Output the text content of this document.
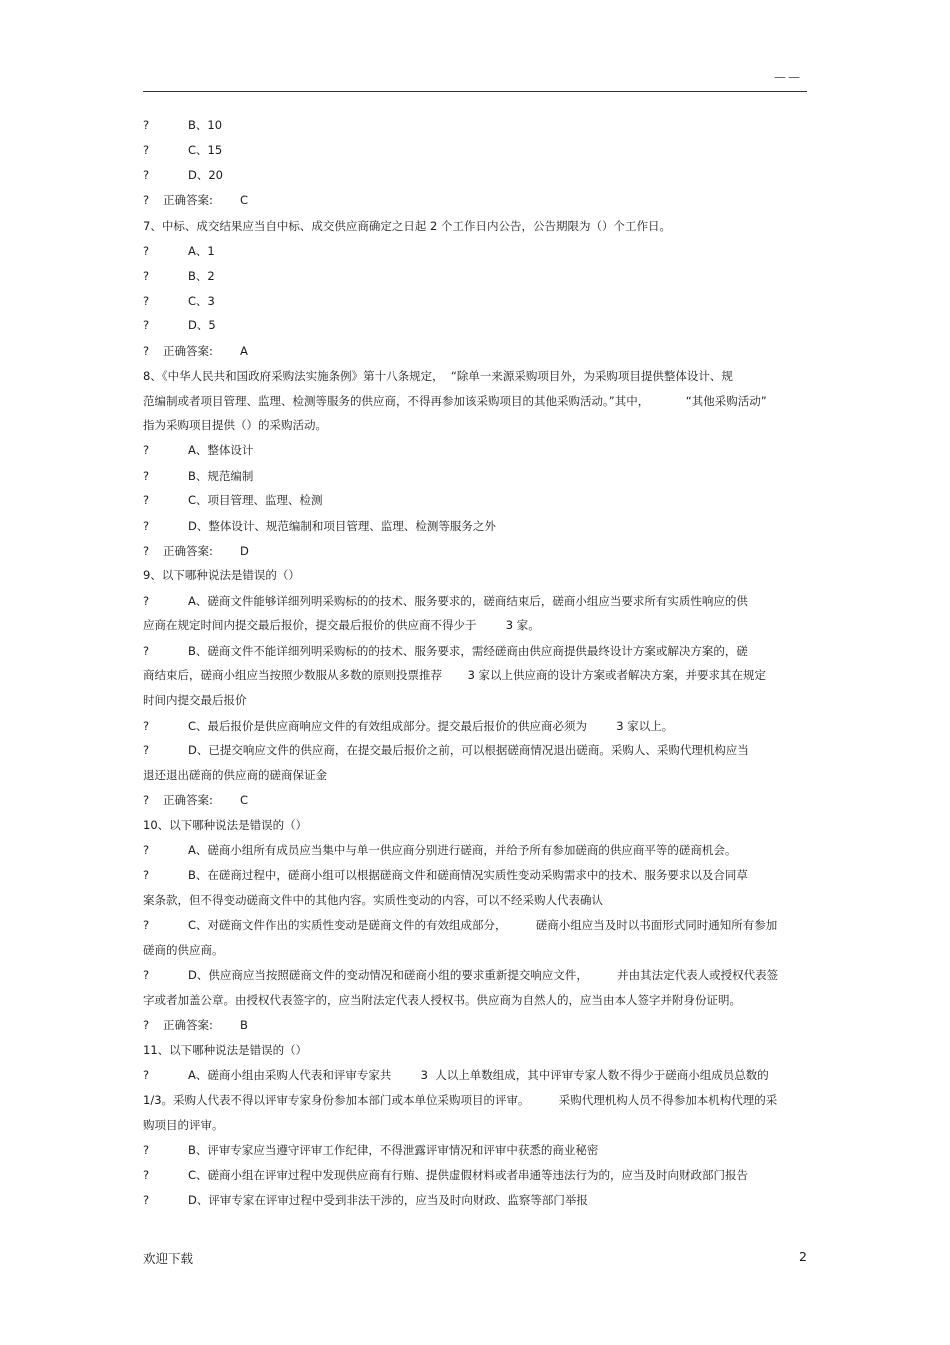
——
?	B、10
?	C、15
?	D、20
?	正确答案: C
7、中标、成交结果应当自中标、成交供应商确定之日起 2 个工作日内公告，公告期限为（）个工作日。
?	A、1
?	B、2
?	C、3
?	D、5
?	正确答案: A
8、《中华人民共和国政府采购法实施条例》第十八条规定，  “除单一来源采购项目外，为采购项目提供整体设计、规
范编制或者项目管理、监理、检测等服务的供应商，不得再参加该采购项目的其他采购活动。”其中，          “其他采购活动”
指为采购项目提供（）的采购活动。
?	A、整体设计
?	B、规范编制
?	C、项目管理、监理、检测
?	D、整体设计、规范编制和项目管理、监理、检测等服务之外
?	正确答案: D
9、以下哪种说法是错误的（）
?	A、磋商文件能够详细列明采购标的的技术、服务要求的，磋商结束后，磋商小组应当要求所有实质性响应的供
应商在规定时间内提交最后报价，提交最后报价的供应商不得少于        3 家。
?	B、磋商文件不能详细列明采购标的的技术、服务要求，需经磋商由供应商提供最终设计方案或解决方案的，磋
商结束后，磋商小组应当按照少数服从多数的原则投票推荐       3 家以上供应商的设计方案或者解决方案，并要求其在规定
时间内提交最后报价
?	C、最后报价是供应商响应文件的有效组成部分。提交最后报价的供应商必须为        3 家以上。
?	D、已提交响应文件的供应商，在提交最后报价之前，可以根据磋商情况退出磋商。采购人、采购代理机构应当
退还退出磋商的供应商的磋商保证金
?	正确答案: C
10、以下哪种说法是错误的（）
?	A、磋商小组所有成员应当集中与单一供应商分别进行磋商，并给予所有参加磋商的供应商平等的磋商机会。
?	B、在磋商过程中，磋商小组可以根据磋商文件和磋商情况实质性变动采购需求中的技术、服务要求以及合同草
案条款，但不得变动磋商文件中的其他内容。实质性变动的内容，可以不经采购人代表确认
?	C、对磋商文件作出的实质性变动是磋商文件的有效组成部分，        磋商小组应当及时以书面形式同时通知所有参加
磋商的供应商。
?	D、供应商应当按照磋商文件的变动情况和磋商小组的要求重新提交响应文件，        并由其法定代表人或授权代表签
字或者加盖公章。由授权代表签字的，应当附法定代表人授权书。供应商为自然人的，应当由本人签字并附身份证明。
?	正确答案: B
11、以下哪种说法是错误的（）
?	A、磋商小组由采购人代表和评审专家共        3  人以上单数组成，其中评审专家人数不得少于磋商小组成员总数的
1/3。采购人代表不得以评审专家身份参加本部门或本单位采购项目的评审。        采购代理机构人员不得参加本机构代理的采
购项目的评审。
?	B、评审专家应当遵守评审工作纪律，不得泄露评审情况和评审中获悉的商业秘密
?	C、磋商小组在评审过程中发现供应商有行贿、提供虚假材料或者串通等违法行为的，应当及时向财政部门报告
?	D、评审专家在评审过程中受到非法干涉的，应当及时向财政、监察等部门举报
欢迎下载	2
